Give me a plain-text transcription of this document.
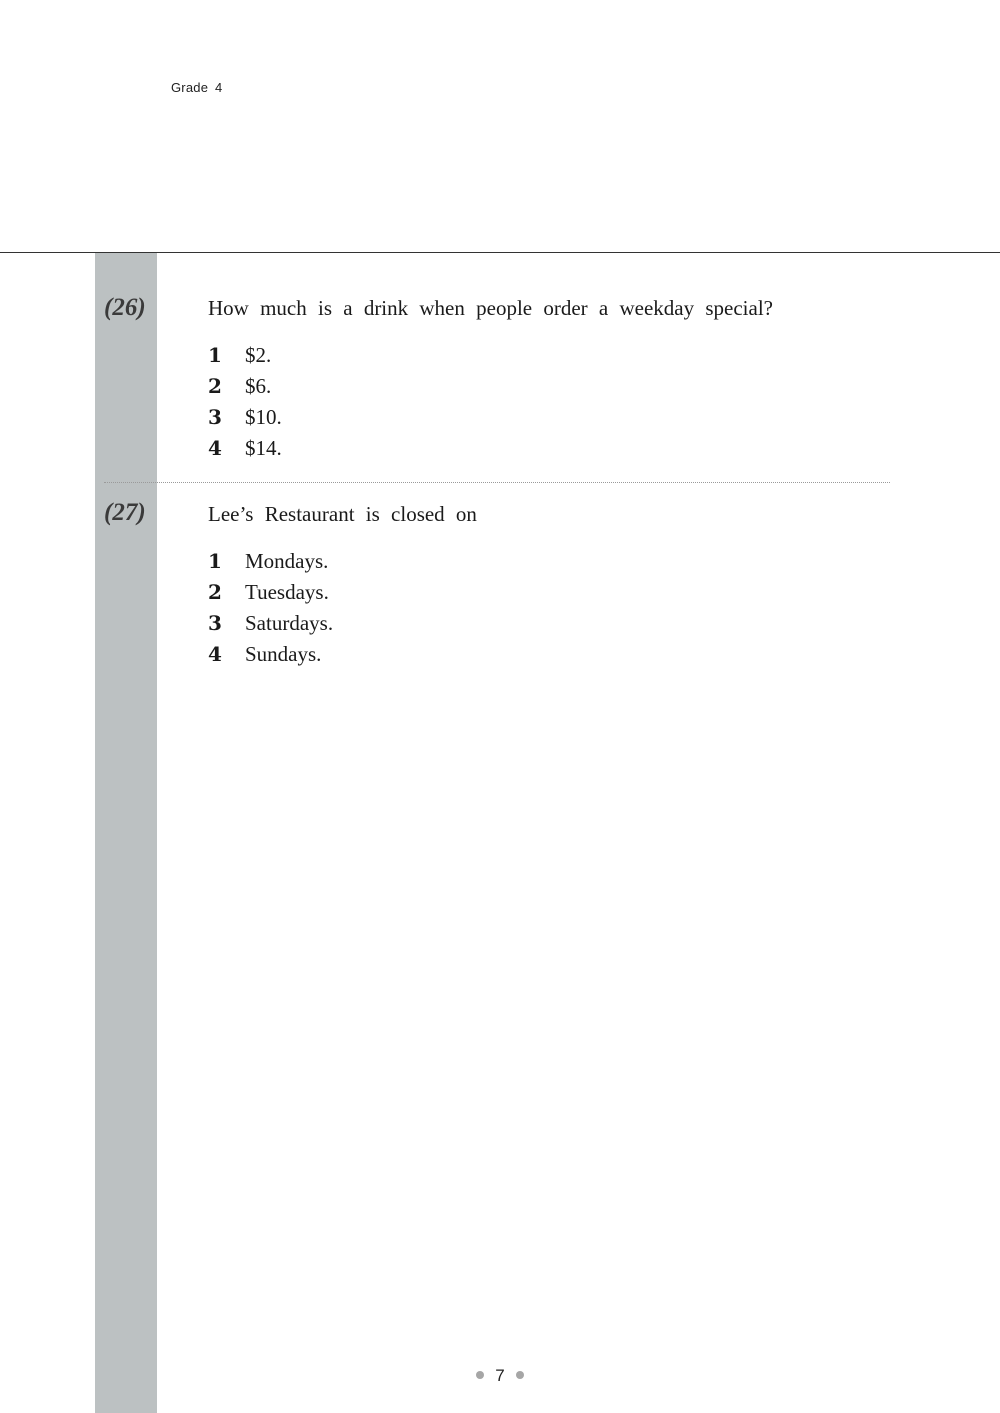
Grade 4
(26)	How much is a drink when people order a weekday special?
1 $2.
2 $6.
3 $10.
4 $14.
(27)	Lee’s Restaurant is closed on
1 Mondays.
2 Tuesdays.
3 Saturdays.
4 Sundays.
7
